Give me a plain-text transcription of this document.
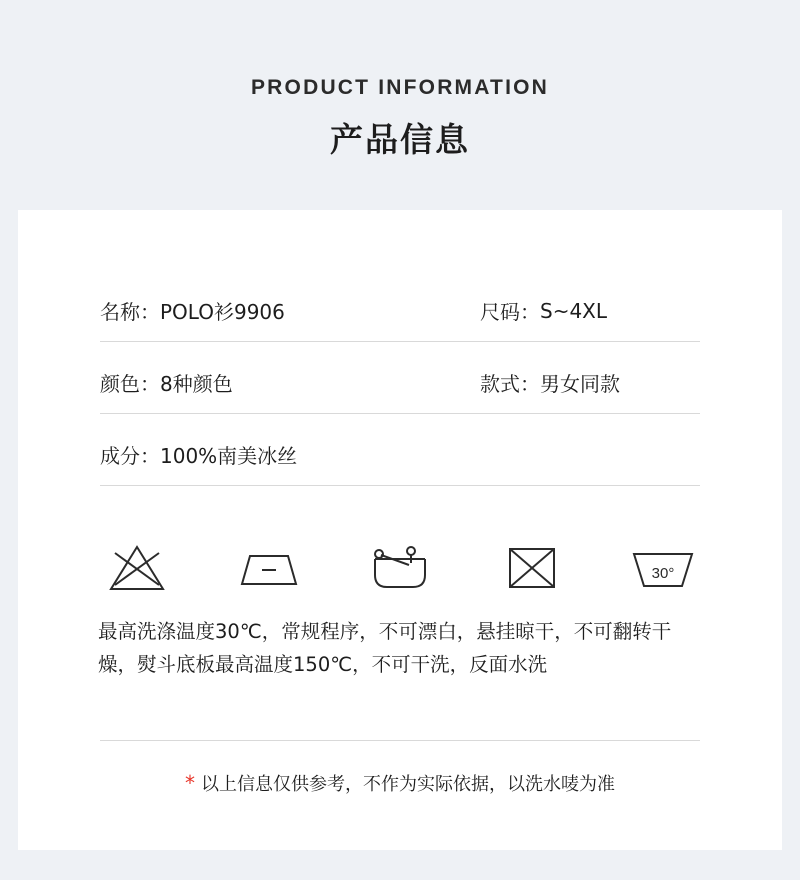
PRODUCT INFORMATION
产品信息
名称： POLO衫9906	尺码： S~4XL
颜色： 8种颜色	款式： 男女同款
成分： 100%南美冰丝
30°
最高洗涤温度30℃，常规程序，不可漂白，悬挂晾干，不可翻转干燥，熨斗底板最高温度150℃，不可干洗，反面水洗
* 以上信息仅供参考，不作为实际依据，以洗水唛为准
